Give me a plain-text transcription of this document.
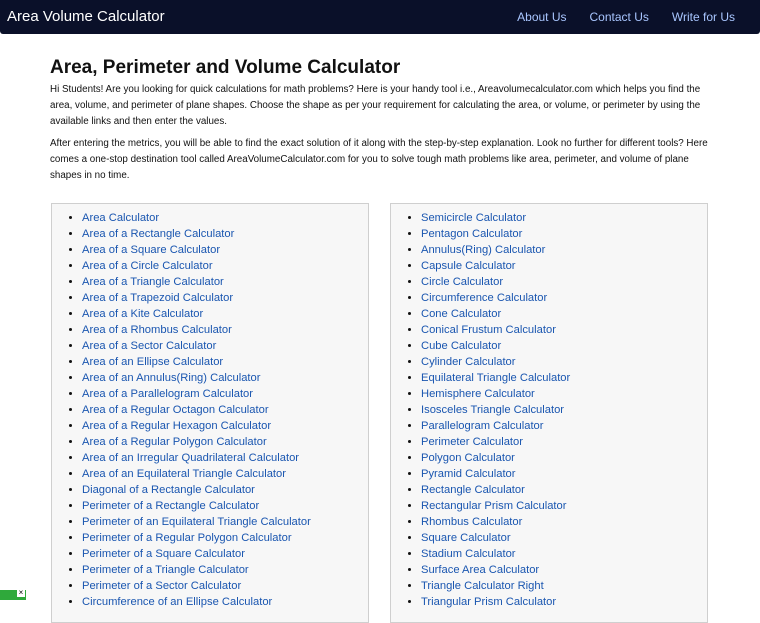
Area Volume Calculator	About Us Contact Us Write for Us
Area, Perimeter and Volume Calculator

Hi Students! Are you looking for quick calculations for math problems? Here is your handy tool i.e., Areavolumecalculator.com which helps you find the area, volume, and perimeter of plane shapes. Choose the shape as per your requirement for calculating the area, or volume, or perimeter by using the available links and then enter the values.

After entering the metrics, you will be able to find the exact solution of it along with the step-by-step explanation. Look no further for different tools? Here comes a one-stop destination tool called AreaVolumeCalculator.com for you to solve tough math problems like area, perimeter, and volume of plane shapes in no time.

• Area Calculator
• Area of a Rectangle Calculator
• Area of a Square Calculator
• Area of a Circle Calculator
• Area of a Triangle Calculator
• Area of a Trapezoid Calculator
• Area of a Kite Calculator
• Area of a Rhombus Calculator
• Area of a Sector Calculator
• Area of an Ellipse Calculator
• Area of an Annulus(Ring) Calculator
• Area of a Parallelogram Calculator
• Area of a Regular Octagon Calculator
• Area of a Regular Hexagon Calculator
• Area of a Regular Polygon Calculator
• Area of an Irregular Quadrilateral Calculator
• Area of an Equilateral Triangle Calculator
• Diagonal of a Rectangle Calculator
• Perimeter of a Rectangle Calculator
• Perimeter of an Equilateral Triangle Calculator
• Perimeter of a Regular Polygon Calculator
• Perimeter of a Square Calculator
• Perimeter of a Triangle Calculator
• Perimeter of a Sector Calculator
• Circumference of an Ellipse Calculator
• Semicircle Calculator
• Pentagon Calculator
• Annulus(Ring) Calculator
• Capsule Calculator
• Circle Calculator
• Circumference Calculator
• Cone Calculator
• Conical Frustum Calculator
• Cube Calculator
• Cylinder Calculator
• Equilateral Triangle Calculator
• Hemisphere Calculator
• Isosceles Triangle Calculator
• Parallelogram Calculator
• Perimeter Calculator
• Polygon Calculator
• Pyramid Calculator
• Rectangle Calculator
• Rectangular Prism Calculator
• Rhombus Calculator
• Square Calculator
• Stadium Calculator
• Surface Area Calculator
• Triangle Calculator Right
• Triangular Prism Calculator
×
